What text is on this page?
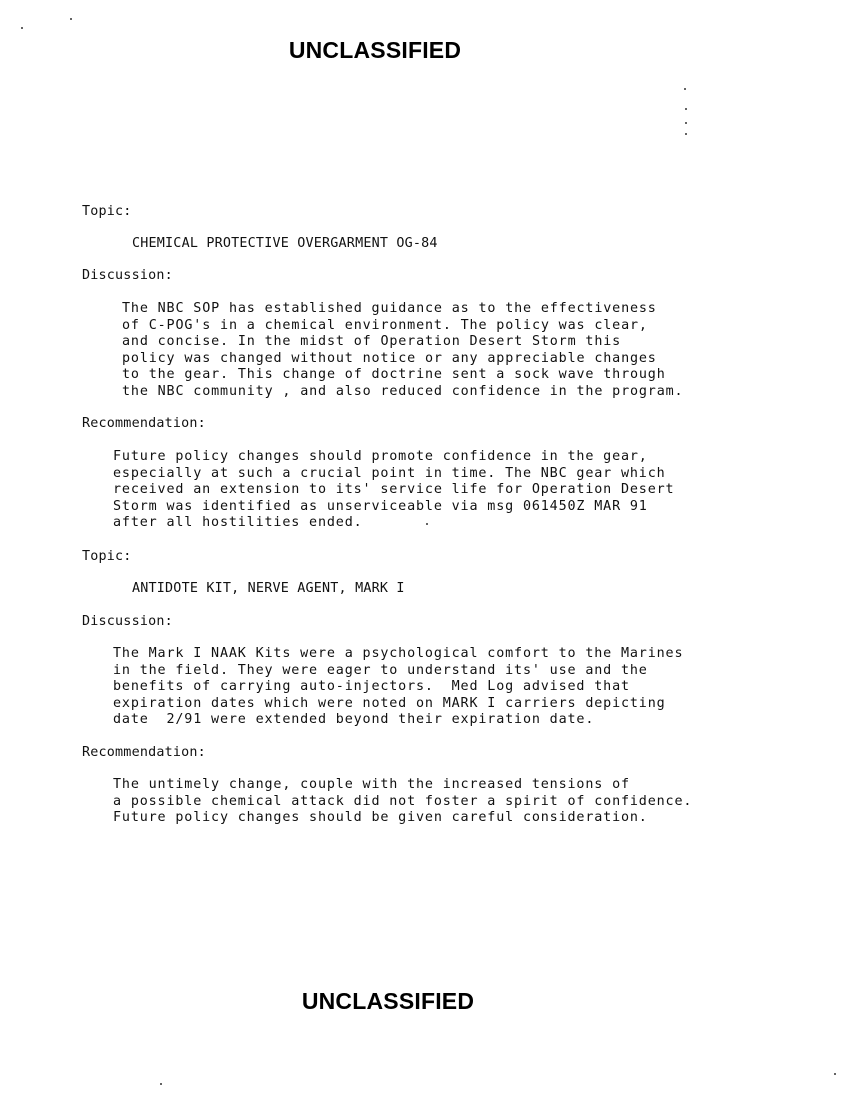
UNCLASSIFIED
Topic:
CHEMICAL PROTECTIVE OVERGARMENT OG-84
Discussion:
The NBC SOP has established guidance as to the effectiveness
of C-POG's in a chemical environment. The policy was clear,
and concise. In the midst of Operation Desert Storm this
policy was changed without notice or any appreciable changes
to the gear. This change of doctrine sent a sock wave through
the NBC community , and also reduced confidence in the program.
Recommendation:
Future policy changes should promote confidence in the gear,
especially at such a crucial point in time. The NBC gear which
received an extension to its' service life for Operation Desert
Storm was identified as unserviceable via msg 061450Z MAR 91
after all hostilities ended.
Topic:
ANTIDOTE KIT, NERVE AGENT, MARK I
Discussion:
The Mark I NAAK Kits were a psychological comfort to the Marines
in the field. They were eager to understand its' use and the
benefits of carrying auto-injectors.  Med Log advised that
expiration dates which were noted on MARK I carriers depicting
date  2/91 were extended beyond their expiration date.
Recommendation:
The untimely change, couple with the increased tensions of
a possible chemical attack did not foster a spirit of confidence.
Future policy changes should be given careful consideration.
UNCLASSIFIED
